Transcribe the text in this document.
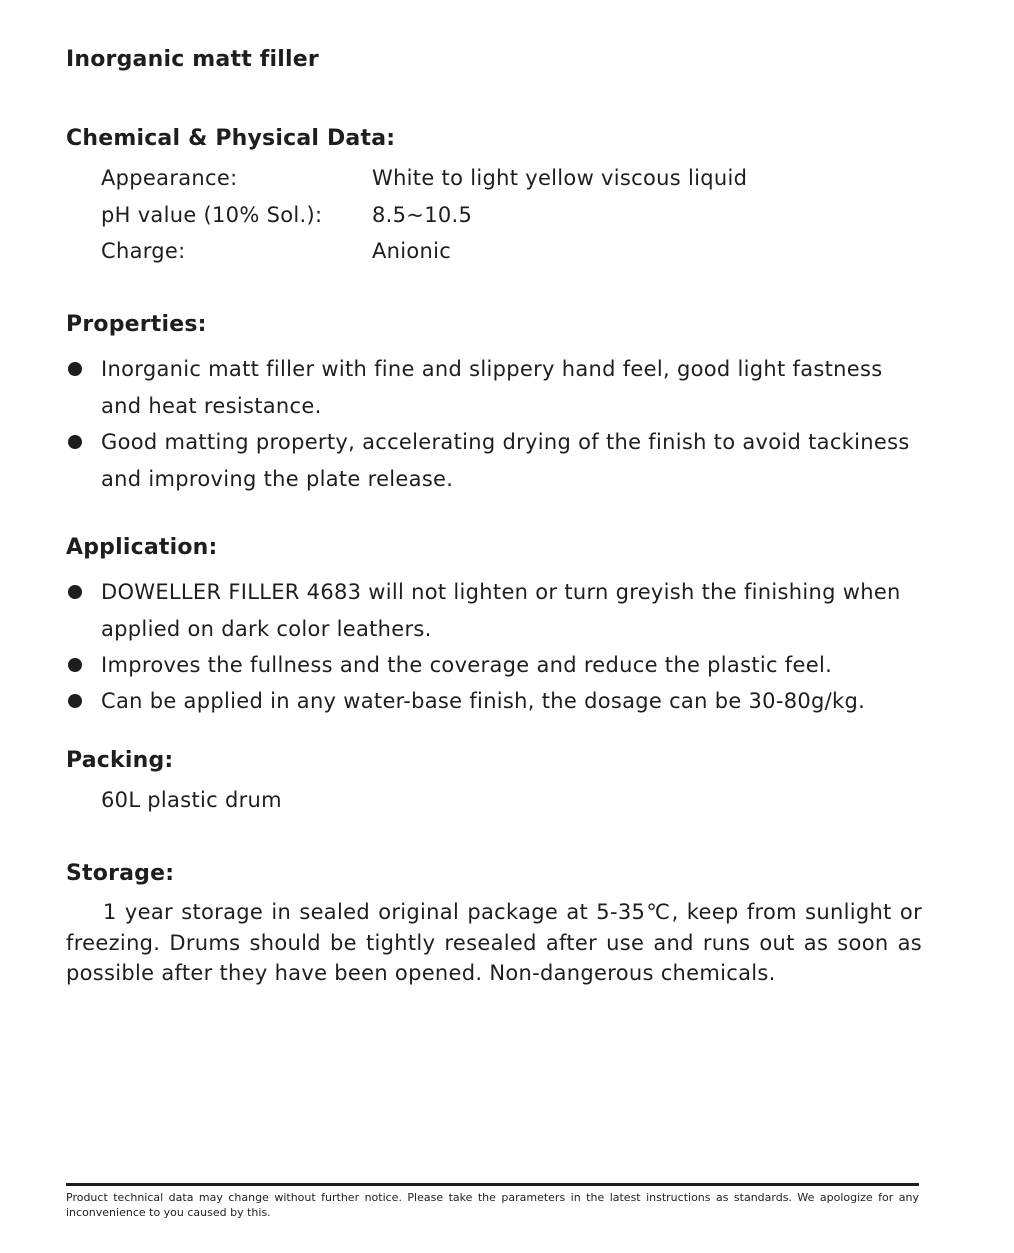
Inorganic matt filler
Chemical & Physical Data:
Appearance:	White to light yellow viscous liquid
pH value (10% Sol.): 8.5~10.5
Charge:	Anionic
Properties:
Inorganic matt filler with fine and slippery hand feel, good light fastness and heat resistance.
Good matting property, accelerating drying of the finish to avoid tackiness and improving the plate release.
Application:
DOWELLER FILLER 4683 will not lighten or turn greyish the finishing when applied on dark color leathers.
Improves the fullness and the coverage and reduce the plastic feel.
Can be applied in any water-base finish, the dosage can be 30-80g/kg.
Packing:
60L plastic drum
Storage:
1 year storage in sealed original package at 5-35℃, keep from sunlight or freezing. Drums should be tightly resealed after use and runs out as soon as possible after they have been opened. Non-dangerous chemicals.
Product technical data may change without further notice. Please take the parameters in the latest instructions as standards. We apologize for any inconvenience to you caused by this.
